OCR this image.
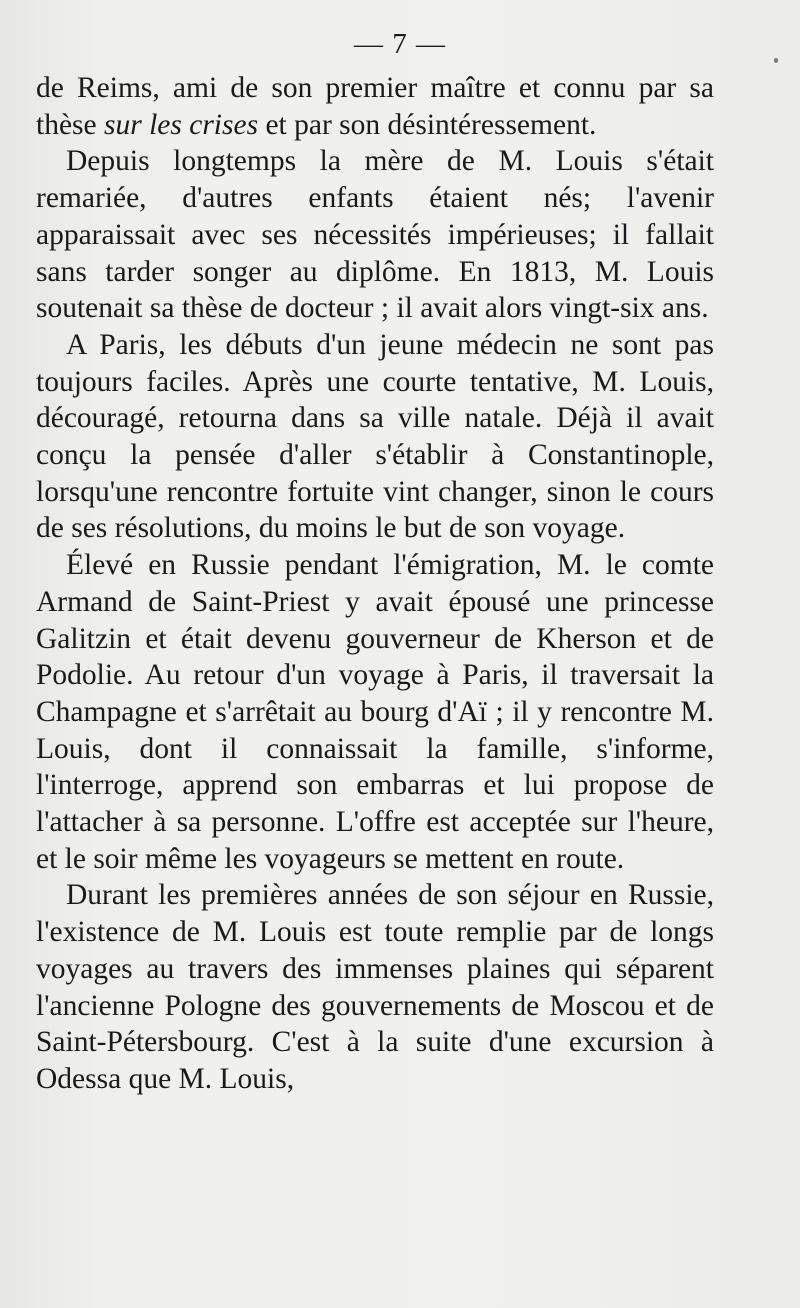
— 7 —

de Reims, ami de son premier maître et connu par sa thèse sur les crises et par son désintéressement.

Depuis longtemps la mère de M. Louis s'était remariée, d'autres enfants étaient nés; l'avenir apparaissait avec ses nécessités impérieuses; il fallait sans tarder songer au diplôme. En 1813, M. Louis soutenait sa thèse de docteur ; il avait alors vingt-six ans.

A Paris, les débuts d'un jeune médecin ne sont pas toujours faciles. Après une courte tentative, M. Louis, découragé, retourna dans sa ville natale. Déjà il avait conçu la pensée d'aller s'établir à Constantinople, lorsqu'une rencontre fortuite vint changer, sinon le cours de ses résolutions, du moins le but de son voyage.

Élevé en Russie pendant l'émigration, M. le comte Armand de Saint-Priest y avait épousé une princesse Galitzin et était devenu gouverneur de Kherson et de Podolie. Au retour d'un voyage à Paris, il traversait la Champagne et s'arrêtait au bourg d'Aï ; il y rencontre M. Louis, dont il connaissait la famille, s'informe, l'interroge, apprend son embarras et lui propose de l'attacher à sa personne. L'offre est acceptée sur l'heure, et le soir même les voyageurs se mettent en route.

Durant les premières années de son séjour en Russie, l'existence de M. Louis est toute remplie par de longs voyages au travers des immenses plaines qui séparent l'ancienne Pologne des gouvernements de Moscou et de Saint-Pétersbourg. C'est à la suite d'une excursion à Odessa que M. Louis,
